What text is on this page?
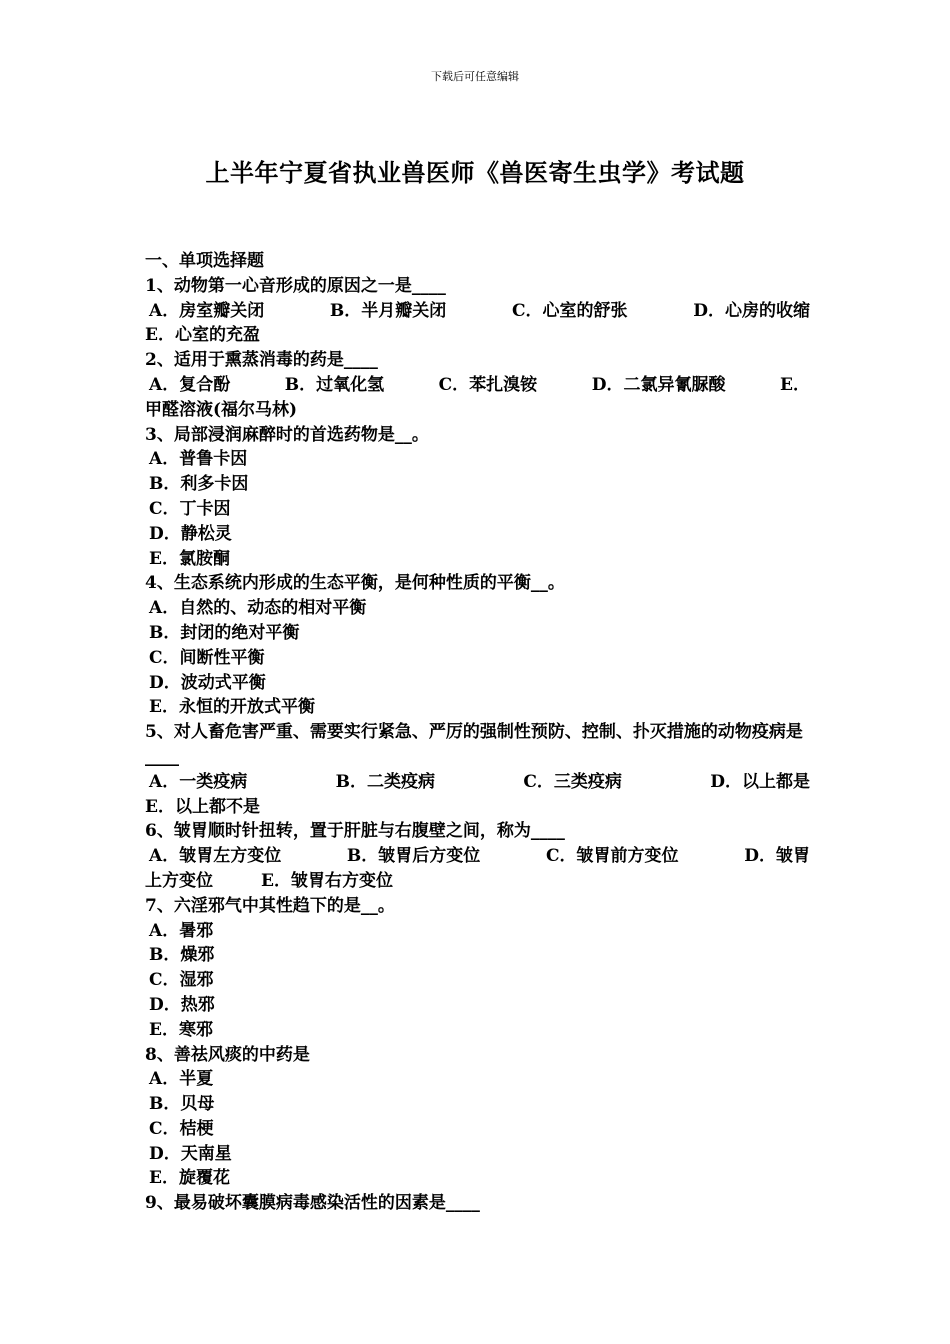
下载后可任意编辑
上半年宁夏省执业兽医师《兽医寄生虫学》考试题
一、单项选择题
1、动物第一心音形成的原因之一是____
A．房室瓣关闭	B．半月瓣关闭	C．心室的舒张	D．心房的收缩
E．心室的充盈
2、适用于熏蒸消毒的药是____
A．复合酚	B．过氧化氢	C．苯扎溴铵	D．二氯异氰脲酸	E．
甲醛溶液(福尔马林)
3、局部浸润麻醉时的首选药物是__。
A．普鲁卡因
B．利多卡因
C．丁卡因
D．静松灵
E．氯胺酮
4、生态系统内形成的生态平衡，是何种性质的平衡__。
A．自然的、动态的相对平衡
B．封闭的绝对平衡
C．间断性平衡
D．波动式平衡
E．永恒的开放式平衡
5、对人畜危害严重、需要实行紧急、严厉的强制性预防、控制、扑灭措施的动物疫病是____
A．一类疫病	B．二类疫病	C．三类疫病	D．以上都是
E．以上都不是
6、皱胃顺时针扭转，置于肝脏与右腹壁之间，称为____
A．皱胃左方变位	B．皱胃后方变位	C．皱胃前方变位	D．皱胃
上方变位	E．皱胃右方变位
7、六淫邪气中其性趋下的是__。
A．暑邪
B．燥邪
C．湿邪
D．热邪
E．寒邪
8、善祛风痰的中药是
A．半夏
B．贝母
C．桔梗
D．天南星
E．旋覆花
9、最易破坏囊膜病毒感染活性的因素是____
